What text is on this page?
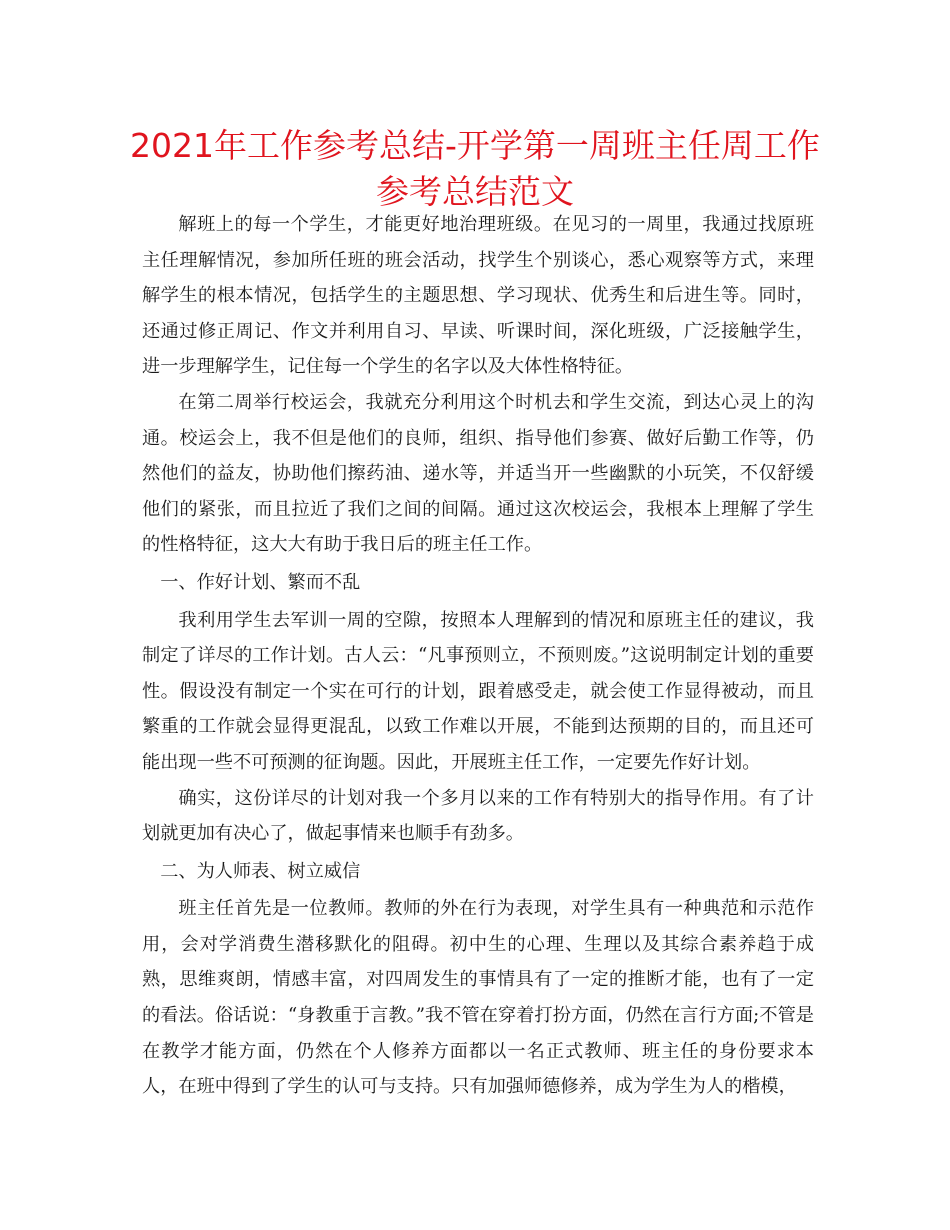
2021年工作参考总结-开学第一周班主任周工作
参考总结范文

解班上的每一个学生，才能更好地治理班级。在见习的一周里，我通过找原班主任理解情况，参加所任班的班会活动，找学生个别谈心，悉心观察等方式，来理解学生的根本情况，包括学生的主题思想、学习现状、优秀生和后进生等。同时，还通过修正周记、作文并利用自习、早读、听课时间，深化班级，广泛接触学生，进一步理解学生，记住每一个学生的名字以及大体性格特征。

在第二周举行校运会，我就充分利用这个时机去和学生交流，到达心灵上的沟通。校运会上，我不但是他们的良师，组织、指导他们参赛、做好后勤工作等，仍然他们的益友，协助他们擦药油、递水等，并适当开一些幽默的小玩笑，不仅舒缓他们的紧张，而且拉近了我们之间的间隔。通过这次校运会，我根本上理解了学生的性格特征，这大大有助于我日后的班主任工作。

一、作好计划、繁而不乱

我利用学生去军训一周的空隙，按照本人理解到的情况和原班主任的建议，我制定了详尽的工作计划。古人云：“凡事预则立，不预则废。”这说明制定计划的重要性。假设没有制定一个实在可行的计划，跟着感受走，就会使工作显得被动，而且繁重的工作就会显得更混乱，以致工作难以开展，不能到达预期的目的，而且还可能出现一些不可预测的征询题。因此，开展班主任工作，一定要先作好计划。

确实，这份详尽的计划对我一个多月以来的工作有特别大的指导作用。有了计划就更加有决心了，做起事情来也顺手有劲多。

二、为人师表、树立威信

班主任首先是一位教师。教师的外在行为表现，对学生具有一种典范和示范作用，会对学消费生潜移默化的阻碍。初中生的心理、生理以及其综合素养趋于成熟，思维爽朗，情感丰富，对四周发生的事情具有了一定的推断才能，也有了一定的看法。俗话说：“身教重于言教。”我不管在穿着打扮方面，仍然在言行方面;不管是在教学才能方面，仍然在个人修养方面都以一名正式教师、班主任的身份要求本人，在班中得到了学生的认可与支持。只有加强师德修养，成为学生为人的楷模，
